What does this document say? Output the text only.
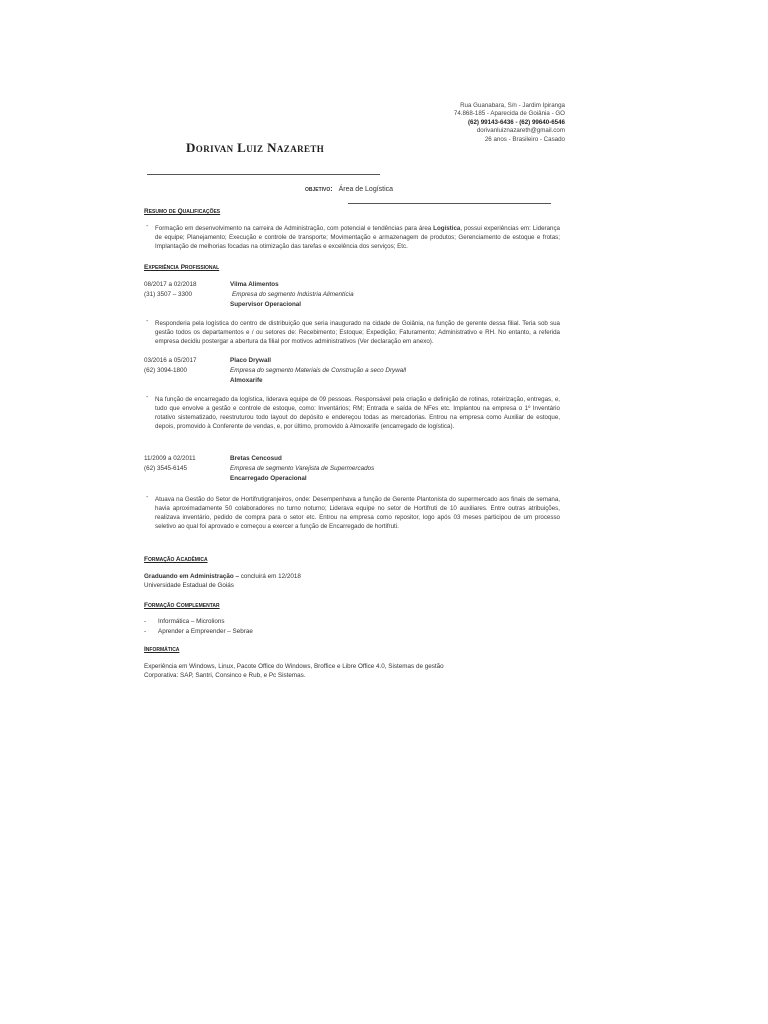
Rua Guanabara, S/n - Jardim Ipiranga
74.868-185 - Aparecida de Goiânia - GO
(62) 99143-6436 - (62) 99640-6546
dorivanluiznazareth@gmail.com
26 anos - Brasileiro - Casado
Dorivan Luiz Nazareth
objetivo: Área de Logística
Resumo de Qualificações
- Formação em desenvolvimento na carreira de Administração, com potencial e tendências para área Logística, possui experiências em: Liderança de equipe; Planejamento; Execução e controle de transporte; Movimentação e armazenagem de produtos; Gerenciamento de estoque e frotas; Implantação de melhorias focadas na otimização das tarefas e excelência dos serviços; Etc.
Experiência Profissional
08/2017 a 02/2018
(31) 3507 – 3300
Vilma Alimentos
Empresa do segmento Indústria Alimentícia
Supervisor Operacional
- Responderia pela logística do centro de distribuição que seria inaugurado na cidade de Goiânia, na função de gerente dessa filial. Teria sob sua gestão todos os departamentos e / ou setores de: Recebimento; Estoque; Expedição; Faturamento; Administrativo e RH. No entanto, a referida empresa decidiu postergar a abertura da filial por motivos administrativos (Ver declaração em anexo).
03/2016 a 05/2017
(62) 3094-1800
Placo Drywall
Empresa do segmento Materiais de Construção a seco Drywall
Almoxarife
- Na função de encarregado da logística, liderava equipe de 09 pessoas. Responsável pela criação e definição de rotinas, roteirização, entregas, e, tudo que envolve a gestão e controle de estoque, como: Inventários; RM; Entrada e saída de NFes etc. Implantou na empresa o 1º Inventário rotativo sistematizado, reestruturou todo layout do depósito e endereçou todas as mercadorias. Entrou na empresa como Auxiliar de estoque, depois, promovido à Conferente de vendas, e, por último, promovido à Almoxarife (encarregado de logística).
11/2009 a 02/2011
(62) 3545-6145
Bretas Cencosud
Empresa de segmento Varejista de Supermercados
Encarregado Operacional
- Atuava na Gestão do Setor de Hortifrutigranjeiros, onde: Desempenhava a função de Gerente Plantonista do supermercado aos finais de semana, havia aproximadamente 50 colaboradores no turno noturno; Liderava equipe no setor de Hortifruti de 10 auxiliares. Entre outras atribuições, realizava inventário, pedido de compra para o setor etc. Entrou na empresa como repositor, logo após 03 meses participou de um processo seletivo ao qual foi aprovado e começou a exercer a função de Encarregado de hortifruti.
Formação Acadêmica
Graduando em Administração – concluirá em 12/2018
Universidade Estadual de Goiás
Formação Complementar
- Informática – Microlions
- Aprender a Empreender – Sebrae
Informática
Experiência em Windows, Linux, Pacote Office do Windows, Broffice e Libre Office 4.0, Sistemas de gestão
Corporativa: SAP, Santri, Consinco e Rub, e Pc Sistemas.
